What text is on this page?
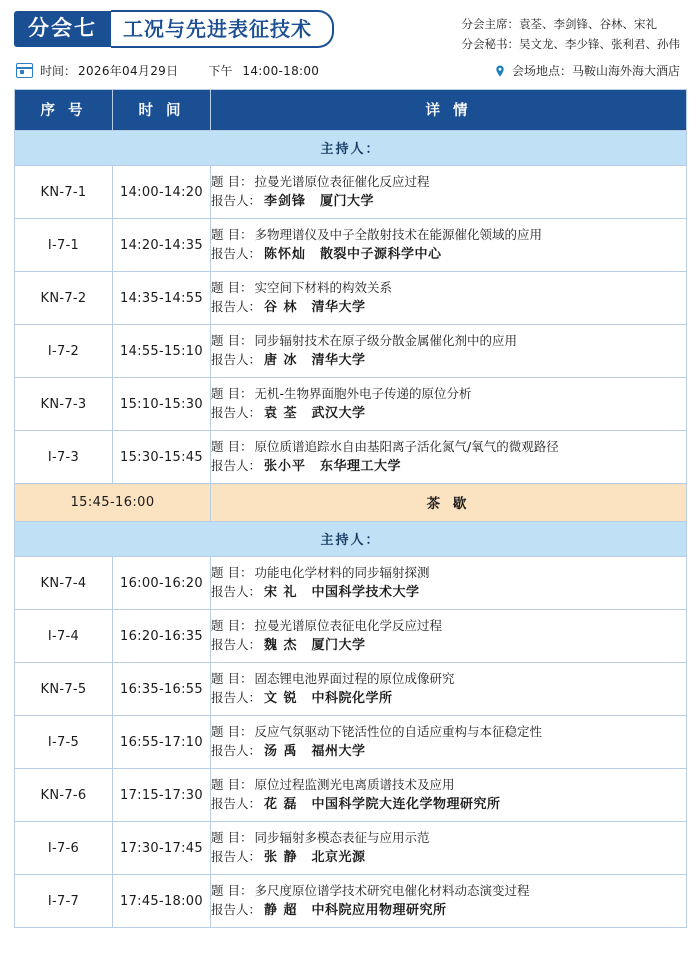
分会七	工况与先进表征技术	分会主席：袁荃、李剑锋、谷林、宋礼
分会秘书：吴文龙、李少锋、张利君、孙伟
时间： 2026年04月29日	下午 14:00-18:00	会场地点： 马鞍山海外海大酒店
序 号	时 间	详 情
主持人：		
KN-7-1	14:00-14:20	题 目： 拉曼光谱原位表征催化反应过程
报告人： 李剑锋 厦门大学

I-7-1	14:20-14:35	题 目： 多物理谱仪及中子全散射技术在能源催化领域的应用
报告人： 陈怀灿 散裂中子源科学中心

KN-7-2	14:35-14:55	题 目： 实空间下材料的构效关系
报告人： 谷 林 清华大学

I-7-2	14:55-15:10	题 目： 同步辐射技术在原子级分散金属催化剂中的应用
报告人： 唐 冰 清华大学

KN-7-3	15:10-15:30	题 目： 无机-生物界面胞外电子传递的原位分析
报告人： 袁 荃 武汉大学

I-7-3	15:30-15:45	题 目： 原位质谱追踪水自由基阳离子活化氮气/氧气的微观路径
报告人： 张小平 东华理工大学

15:45-16:00		茶 歇
主持人：		
KN-7-4	16:00-16:20	题 目： 功能电化学材料的同步辐射探测
报告人： 宋 礼 中国科学技术大学

I-7-4	16:20-16:35	题 目： 拉曼光谱原位表征电化学反应过程
报告人： 魏 杰 厦门大学

KN-7-5	16:35-16:55	题 目： 固态锂电池界面过程的原位成像研究
报告人： 文 锐 中科院化学所

I-7-5	16:55-17:10	题 目： 反应气氛驱动下铑活性位的自适应重构与本征稳定性
报告人： 汤 禹 福州大学

KN-7-6	17:15-17:30	题 目： 原位过程监测光电离质谱技术及应用
报告人： 花 磊 中国科学院大连化学物理研究所

I-7-6	17:30-17:45	题 目： 同步辐射多模态表征与应用示范
报告人： 张 静 北京光源

I-7-7	17:45-18:00	题 目： 多尺度原位谱学技术研究电催化材料动态演变过程
报告人： 静 超 中科院应用物理研究所
